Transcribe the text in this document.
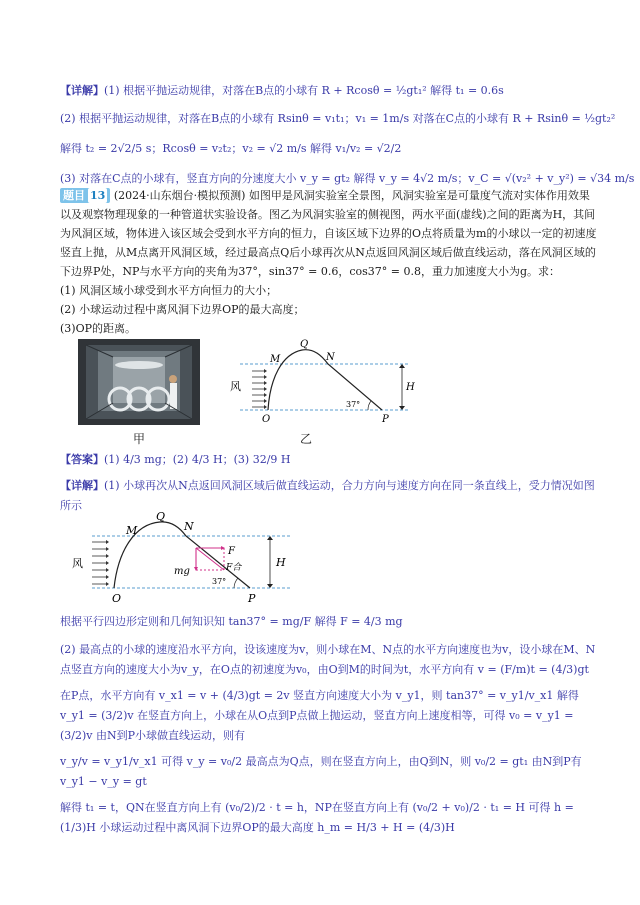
【详解】(1) 根据平抛运动规律，对落在B点的小球有 R + Rcosθ = ½gt₁² 解得 t₁ = 0.6s
(2) 根据平抛运动规律，对落在B点的小球有 Rsinθ = v₁t₁；v₁ = 1m/s 对落在C点的小球有 R + Rsinθ = ½gt₂²
解得 t₂ = 2√2/5 s；Rcosθ = v₂t₂；v₂ = √2 m/s 解得 v₁/v₂ = √2/2
(3) 对落在C点的小球有，竖直方向的分速度大小 v_y = gt₂ 解得 v_y = 4√2 m/s；v_C = √(v₂² + v_y²) = √34 m/s
题目 13 (2024·山东烟台·模拟预测) 如图甲是风洞实验室全景图，风洞实验室是可量度气流对实体作用效果以及观察物理现象的一种管道状实验设备。图乙为风洞实验室的侧视图，两水平面(虚线)之间的距离为H，其间为风洞区域，物体进入该区域会受到水平方向的恒力，自该区域下边界的O点将质量为m的小球以一定的初速度竖直上抛，从M点离开风洞区域，经过最高点Q后小球再次从N点返回风洞区域后做直线运动，落在风洞区域的下边界P处，NP与水平方向的夹角为37°，sin37° = 0.6，cos37° = 0.8，重力加速度大小为g。求：
(1) 风洞区域小球受到水平方向恒力的大小；
(2) 小球运动过程中离风洞下边界OP的最大高度；
(3)OP的距离。
甲
风
M
Q
N
O	P
H
37°
乙
【答案】(1) 4/3 mg；(2) 4/3 H；(3) 32/9 H
【详解】(1) 小球再次从N点返回风洞区域后做直线运动，合力方向与速度方向在同一条直线上，受力情况如图所示
风
M
Q
N
O	P
H
F
mg	F合
37°
根据平行四边形定则和几何知识知 tan37° = mg/F 解得 F = 4/3 mg
(2) 最高点的小球的速度沿水平方向，设该速度为v，则小球在M、N点的水平方向速度也为v，设小球在M、N点竖直方向的速度大小为v_y，在O点的初速度为v₀，由O到M的时间为t，水平方向有 v = (F/m)t = (4/3)gt
在P点，水平方向有 v_x1 = v + (4/3)gt = 2v 竖直方向速度大小为 v_y1，则 tan37° = v_y1/v_x1 解得 v_y1 = (3/2)v 在竖直方向上，小球在从O点到P点做上抛运动，竖直方向上速度相等，可得 v₀ = v_y1 = (3/2)v 由N到P小球做直线运动，则有
v_y/v = v_y1/v_x1 可得 v_y = v₀/2 最高点为Q点，则在竖直方向上，由Q到N，则 v₀/2 = gt₁ 由N到P有 v_y1 − v_y = gt
解得 t₁ = t，QN在竖直方向上有 (v₀/2)/2 · t = h，NP在竖直方向上有 (v₀/2 + v₀)/2 · t₁ = H 可得 h = (1/3)H 小球运动过程中离风洞下边界OP的最大高度 h_m = H/3 + H = (4/3)H
